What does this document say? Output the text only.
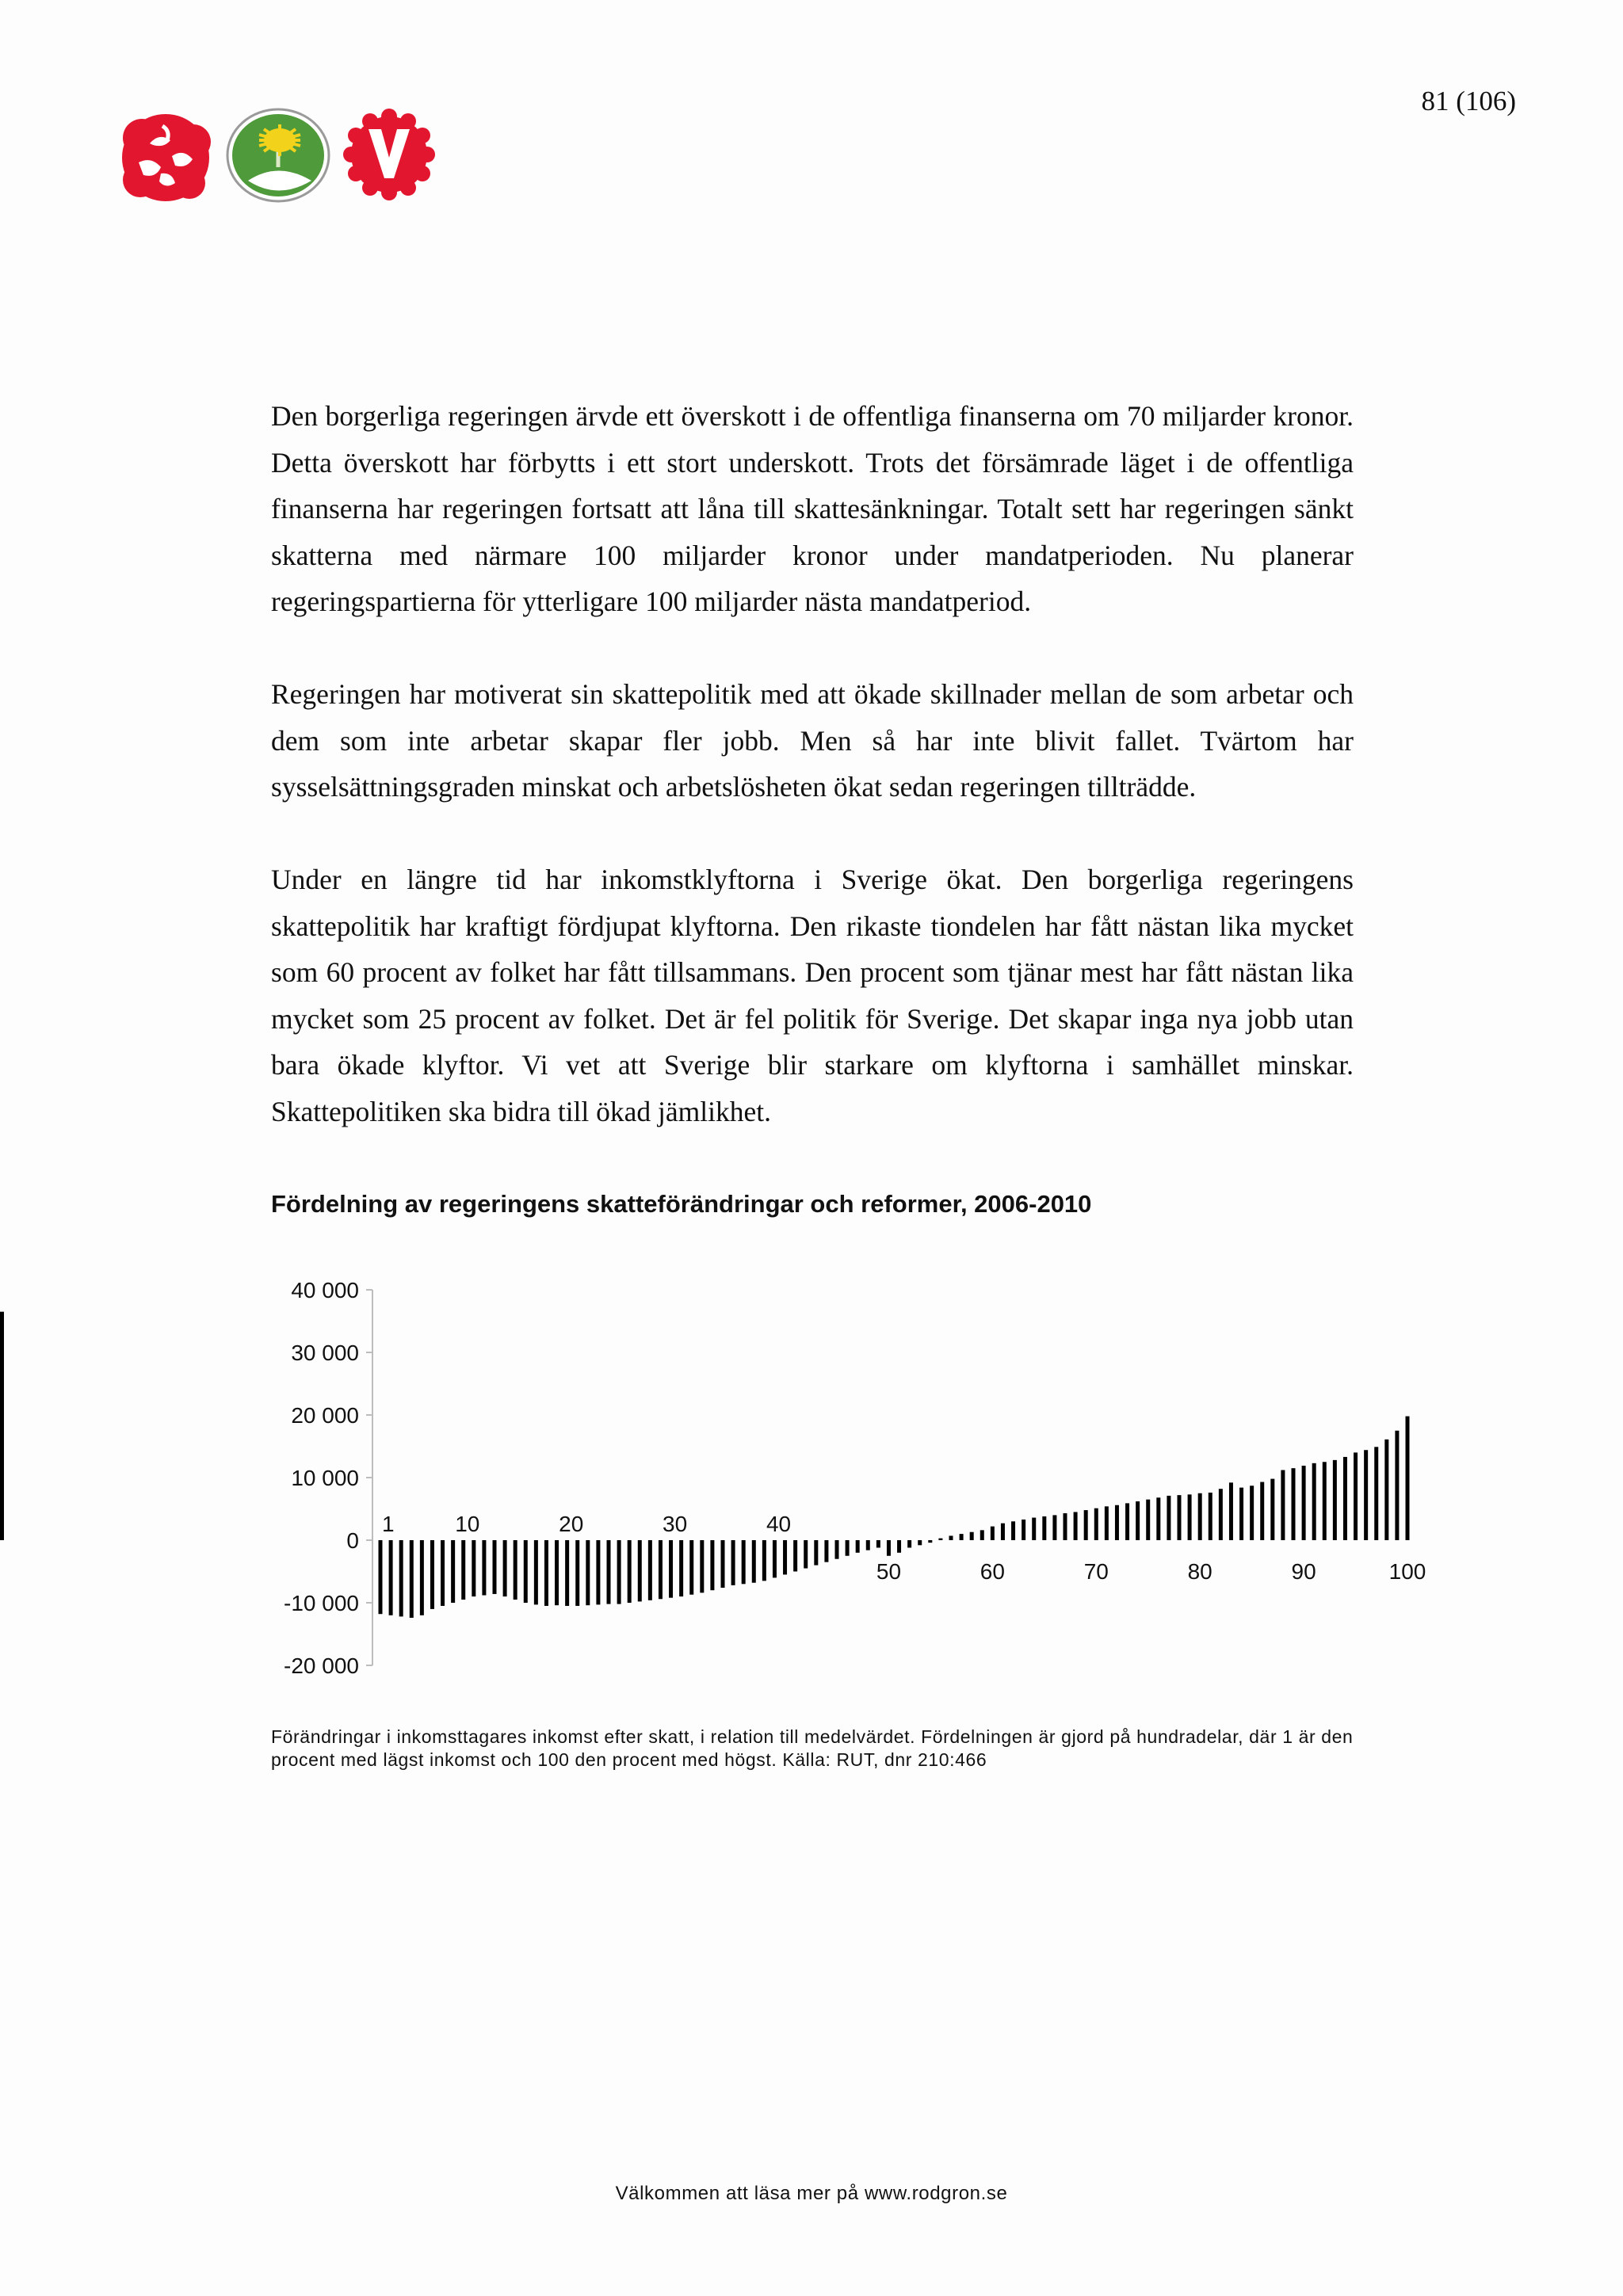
81 (106)

Den borgerliga regeringen ärvde ett överskott i de offentliga finanserna om 70 miljarder kronor. Detta överskott har förbytts i ett stort underskott. Trots det försämrade läget i de offentliga finanserna har regeringen fortsatt att låna till skattesänkningar. Totalt sett har regeringen sänkt skatterna med närmare 100 miljarder kronor under mandatperioden. Nu planerar regeringspartierna för ytterligare 100 miljarder nästa mandatperiod.

Regeringen har motiverat sin skattepolitik med att ökade skillnader mellan de som arbetar och dem som inte arbetar skapar fler jobb. Men så har inte blivit fallet. Tvärtom har sysselsättningsgraden minskat och arbetslösheten ökat sedan regeringen tillträdde.

Under en längre tid har inkomstklyftorna i Sverige ökat. Den borgerliga regeringens skattepolitik har kraftigt fördjupat klyftorna. Den rikaste tiondelen har fått nästan lika mycket som 60 procent av folket har fått tillsammans. Den procent som tjänar mest har fått nästan lika mycket som 25 procent av folket. Det är fel politik för Sverige. Det skapar inga nya jobb utan bara ökade klyftor. Vi vet att Sverige blir starkare om klyftorna i samhället minskar. Skattepolitiken ska bidra till ökad jämlikhet.

Fördelning av regeringens skatteförändringar och reformer, 2006-2010
40 000
30 000
20 000
10 000
0
-10 000
-20 000
1	10	20	30	40
50	60	70	80	90	100
Förändringar i inkomsttagares inkomst efter skatt, i relation till medelvärdet. Fördelningen är gjord på hundradelar, där 1 är den procent med lägst inkomst och 100 den procent med högst. Källa: RUT, dnr 210:466
Välkommen att läsa mer på www.rodgron.se
